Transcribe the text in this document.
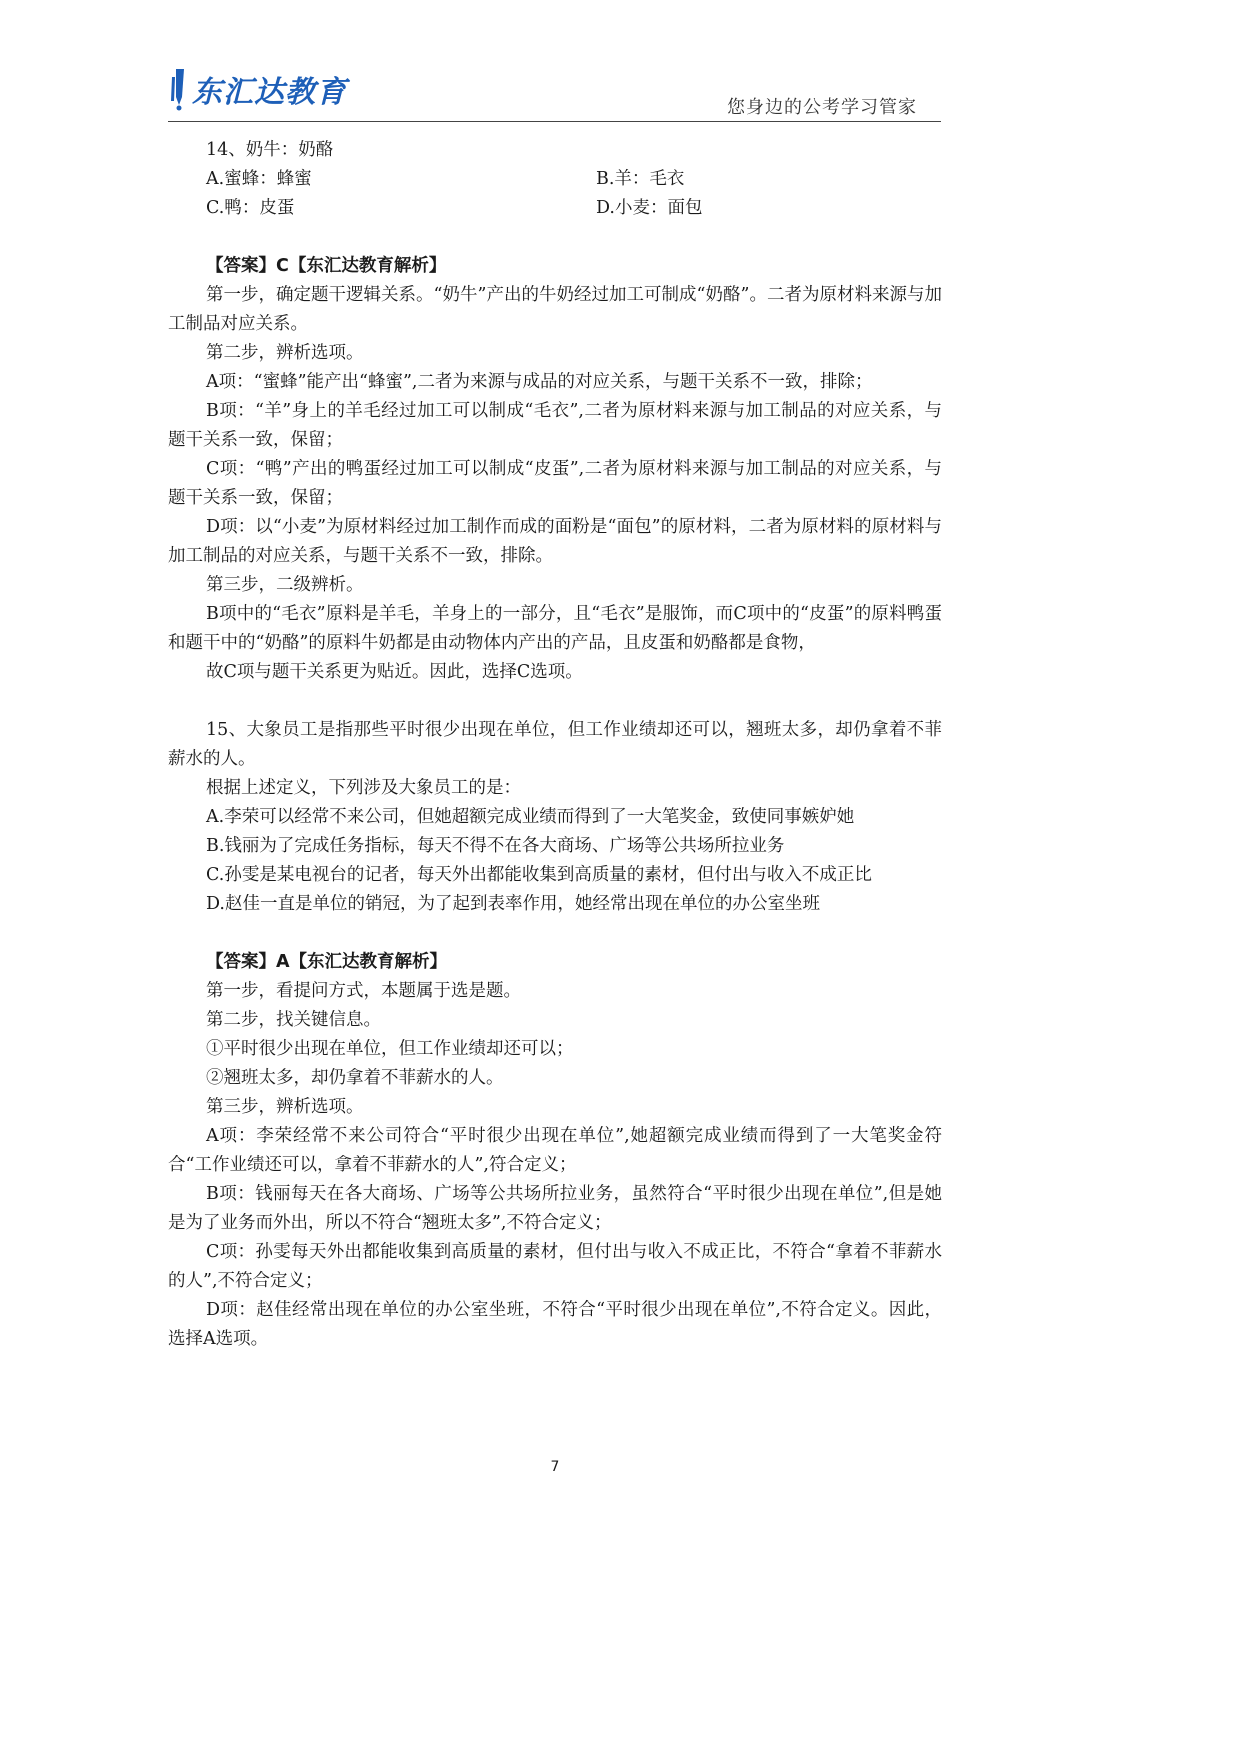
东汇达教育	您身边的公考学习管家

14、奶牛：奶酪

A.蜜蜂：蜂蜜	B.羊：毛衣
C.鸭：皮蛋	D.小麦：面包

【答案】C【东汇达教育解析】

第一步，确定题干逻辑关系。“奶牛”产出的牛奶经过加工可制成“奶酪”。二者为原材料来源与加工制品对应关系。

第二步，辨析选项。

A项：“蜜蜂”能产出“蜂蜜”,二者为来源与成品的对应关系，与题干关系不一致，排除；

B项：“羊”身上的羊毛经过加工可以制成“毛衣”,二者为原材料来源与加工制品的对应关系，与题干关系一致，保留；

C项：“鸭”产出的鸭蛋经过加工可以制成“皮蛋”,二者为原材料来源与加工制品的对应关系，与题干关系一致，保留；

D项：以“小麦”为原材料经过加工制作而成的面粉是“面包”的原材料，二者为原材料的原材料与加工制品的对应关系，与题干关系不一致，排除。

第三步，二级辨析。

B项中的“毛衣”原料是羊毛，羊身上的一部分，且“毛衣”是服饰，而C项中的“皮蛋”的原料鸭蛋和题干中的“奶酪”的原料牛奶都是由动物体内产出的产品，且皮蛋和奶酪都是食物，

故C项与题干关系更为贴近。因此，选择C选项。

15、大象员工是指那些平时很少出现在单位，但工作业绩却还可以，翘班太多，却仍拿着不菲薪水的人。

根据上述定义，下列涉及大象员工的是：

A.李荣可以经常不来公司，但她超额完成业绩而得到了一大笔奖金，致使同事嫉妒她

B.钱丽为了完成任务指标，每天不得不在各大商场、广场等公共场所拉业务

C.孙雯是某电视台的记者，每天外出都能收集到高质量的素材，但付出与收入不成正比

D.赵佳一直是单位的销冠，为了起到表率作用，她经常出现在单位的办公室坐班

【答案】A【东汇达教育解析】

第一步，看提问方式，本题属于选是题。

第二步，找关键信息。

①平时很少出现在单位，但工作业绩却还可以；

②翘班太多，却仍拿着不菲薪水的人。

第三步，辨析选项。

A项：李荣经常不来公司符合“平时很少出现在单位”,她超额完成业绩而得到了一大笔奖金符合“工作业绩还可以，拿着不菲薪水的人”,符合定义；

B项：钱丽每天在各大商场、广场等公共场所拉业务，虽然符合“平时很少出现在单位”,但是她是为了业务而外出，所以不符合“翘班太多”,不符合定义；

C项：孙雯每天外出都能收集到高质量的素材，但付出与收入不成正比，不符合“拿着不菲薪水的人”,不符合定义；

D项：赵佳经常出现在单位的办公室坐班，不符合“平时很少出现在单位”,不符合定义。因此，选择A选项。

7
